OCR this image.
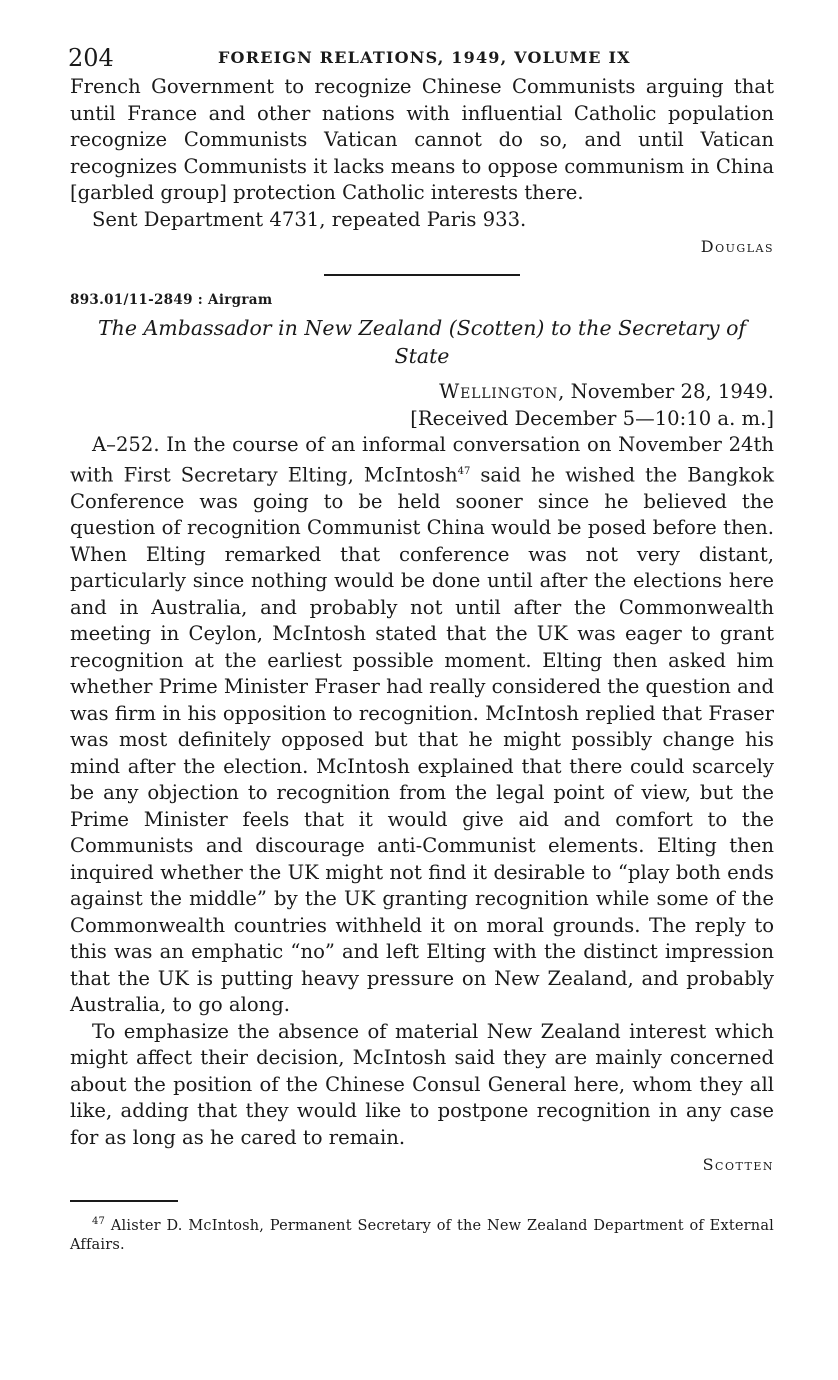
204	FOREIGN RELATIONS, 1949, VOLUME IX

French Government to recognize Chinese Communists arguing that until France and other nations with influential Catholic population recognize Communists Vatican cannot do so, and until Vatican recognizes Communists it lacks means to oppose communism in China [garbled group] protection Catholic interests there.

Sent Department 4731, repeated Paris 933.

Douglas

893.01/11-2849 : Airgram

The Ambassador in New Zealand (Scotten) to the Secretary of State

Wellington, November 28, 1949.

[Received December 5—10:10 a. m.]

A–252. In the course of an informal conversation on November 24th with First Secretary Elting, McIntosh$^{47}$ said he wished the Bangkok Conference was going to be held sooner since he believed the question of recognition Communist China would be posed before then. When Elting remarked that conference was not very distant, particularly since nothing would be done until after the elections here and in Australia, and probably not until after the Commonwealth meeting in Ceylon, McIntosh stated that the UK was eager to grant recognition at the earliest possible moment. Elting then asked him whether Prime Minister Fraser had really considered the question and was firm in his opposition to recognition. McIntosh replied that Fraser was most definitely opposed but that he might possibly change his mind after the election. McIntosh explained that there could scarcely be any objection to recognition from the legal point of view, but the Prime Minister feels that it would give aid and comfort to the Communists and discourage anti-Communist elements. Elting then inquired whether the UK might not find it desirable to “play both ends against the middle” by the UK granting recognition while some of the Commonwealth countries withheld it on moral grounds. The reply to this was an emphatic “no” and left Elting with the distinct impression that the UK is putting heavy pressure on New Zealand, and probably Australia, to go along.

To emphasize the absence of material New Zealand interest which might affect their decision, McIntosh said they are mainly concerned about the position of the Chinese Consul General here, whom they all like, adding that they would like to postpone recognition in any case for as long as he cared to remain.

Scotten

$^{47}$ Alister D. McIntosh, Permanent Secretary of the New Zealand Department of External Affairs.
